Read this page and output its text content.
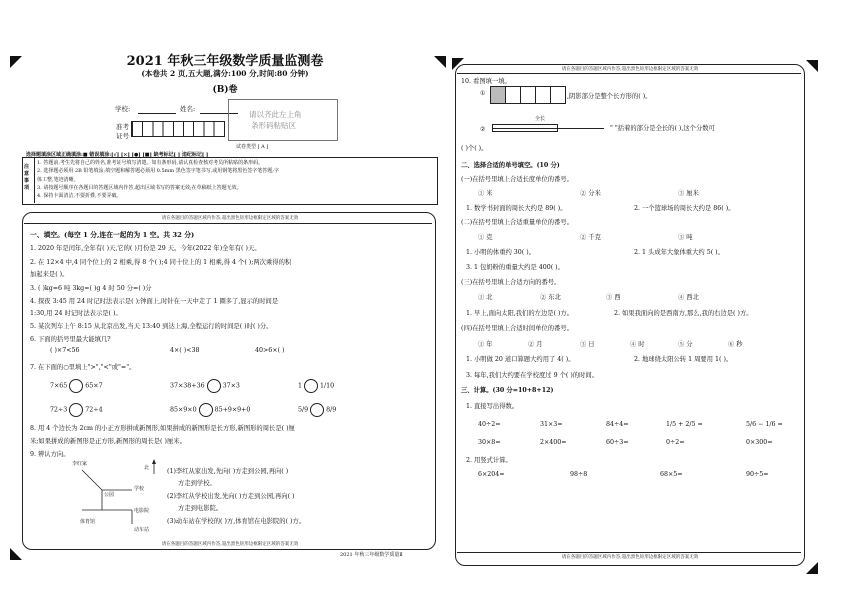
2021 年秋三年级数学质量监测卷
(本卷共 2 页,五大题,满分:100 分,时间:80 分钟)
(B)卷
学校:	姓名:
准考
证号
请以齐此左上角
条形码粘贴区
试卷类型 [ A ]
选择题填涂区域正确填涂:■ 错误填涂:[√] [×] [●] [■] 缺考标记[ ] 违纪标记[ ]
注意事项
1. 答题前,考生先将自己的姓名,准考证号填写清楚。如有条形码,请认真检查核对考员所粘贴的条形码。
2. 选择题必须用 2B 铅笔填涂;填空题和解答题必须用 0.5mm 黑色签字笔书写,或用钢笔将黑色签字笔答题;字
体工整,笔迹清晰。
3. 请按题号顺序在各题目的答题区域内作答,超出区域书写的答案无效;在草稿纸上答题无效。
4. 保持卡面清洁,不要折叠,不要弄破。
请在各题目的答题区域内作答,超出黑色矩形边框限定区域的答案无效
一、填空。(每空 1 分,连在一起的为 1 空。共 32 分)
1. 2020 年是闰年,全年有( )天,它的( )月份是 29 天。今年(2022 年)全年有( )天。
2. 在 12×4 中,4 同个位上的 2 相乘,得 8 个( );4 同十位上的 1 相乘,得 4 个( );两次乘得的积
加起来是( )。
3. ( )kg=6 吨 3kg=( )g 4 时 50 分=( )分
4. 探夜 3:45 用 24 时记时法表示是( );钟面上,时针在一天中走了 1 圈多了,显示的时间是
1:30,用 24 时记时法表示是( )。
5. 某次列车上午 8:15 从北京出发,当天 13:40 到达上海,全程运行的时间是( )时( )分。
6. 下面的括号里最大能填几?
( )×7<56	4×( )<38	40>6×( )
7. 在下面的○里填上">","<"或"="。
7×65	65×7	37×38+36	37×3	1	1/10
72÷3	72÷4	85×9×0	85+9×9+0	5/9	8/9
8. 用 4 个边长为 2cm 的小正方形拼成新图形,如果拼成的新图形是长方形,新图形的周长是( )厘
米;如果拼成的新图形是正方形,新图形的周长是( )厘米。
9. 辨认方向。
李红家
北
公园
学校
体育馆
电影院
动车站
(1)李红从家出发,先向( )方走到公园,再向( )
方走到学校。
(2)李红从学校出发,先向( )方走到公园,再向( )
方走到电影院。
(3)动车站在学校的( )方,体育馆在电影院的( )方。
请在各题目的答题区域内作答,超出黑色矩形边框限定区域的答案无效
2021 年秋三年级数学质量Ⅱ
请在各题目的答题区域内作答,超出黑色矩形边框限定区域的答案无效
10. 看图填一填。
①	,阴影部分是整个长方形的( )。
②
全长
" "括着的部分是全长的( ),这个分数可
( )个( )。
二、选择合适的单号填空。(10 分)
(一)在括号里填上合适长度单位的番号。
① 米	② 分米	③ 厘米
1. 数学书封面的周长大约是 89( )。	2. 一个篮球场的周长大约是 86( )。
(二)在括号里填上合适重量单位的番号。
① 克	② 千克	③ 吨
1. 小明的体重约 30( )。	2. 1 头成年大象体重大约 5( )。
3. 1 包奶粉的重量大约是 400( )。
(三)在括号里填上合适方向的番号。
① 北	② 东北	③ 西	④ 西北
1. 早上,面向太阳,我们的左边是( )方。	2. 如果我面向的是西南方,那么,我的右边是( )方。
(四)在括号里填上合适时间单位的番号。
① 年	② 月	③ 日	④ 时	⑤ 分	⑥ 秒
1. 小明做 20 道口算题大约用了 4( )。	2. 地球绕太阳公转 1 周要用 1( )。
3. 每年,我们大约要在学校度过 9 个( )的时间。
三、计算。(30 分=10+8+12)
1. 直接写出得数。
40÷2=	31×3=	84÷4=	1/5 + 2/5 =	5/6 − 1/6 =
30×8=	2×400=	60÷3=	0÷2=	0×300=
2. 用竖式计算。
6×204=	98÷8	68×5=	90÷5=
请在各题目的答题区域内作答,超出黑色矩形边框限定区域的答案无效
